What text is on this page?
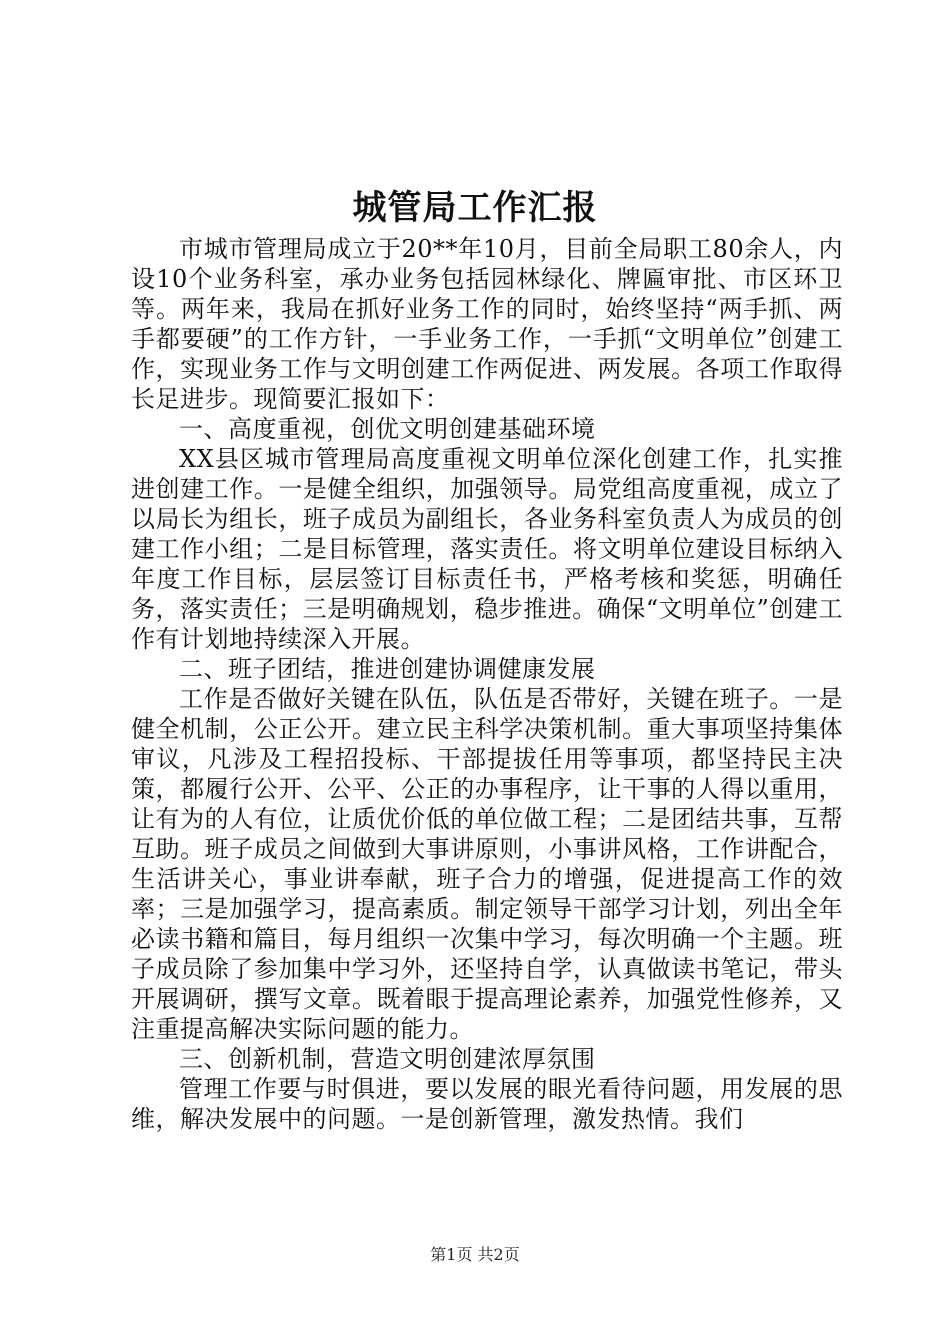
城管局工作汇报

市城市管理局成立于20**年10月，目前全局职工80余人，内设10个业务科室，承办业务包括园林绿化、牌匾审批、市区环卫等。两年来，我局在抓好业务工作的同时，始终坚持“两手抓、两手都要硬”的工作方针，一手业务工作，一手抓“文明单位”创建工作，实现业务工作与文明创建工作两促进、两发展。各项工作取得长足进步。现简要汇报如下：

一、高度重视，创优文明创建基础环境

XX县区城市管理局高度重视文明单位深化创建工作，扎实推进创建工作。一是健全组织，加强领导。局党组高度重视，成立了以局长为组长，班子成员为副组长，各业务科室负责人为成员的创建工作小组；二是目标管理，落实责任。将文明单位建设目标纳入年度工作目标，层层签订目标责任书，严格考核和奖惩，明确任务，落实责任；三是明确规划，稳步推进。确保“文明单位”创建工作有计划地持续深入开展。

二、班子团结，推进创建协调健康发展

工作是否做好关键在队伍，队伍是否带好，关键在班子。一是健全机制，公正公开。建立民主科学决策机制。重大事项坚持集体审议，凡涉及工程招投标、干部提拔任用等事项，都坚持民主决策，都履行公开、公平、公正的办事程序，让干事的人得以重用，让有为的人有位，让质优价低的单位做工程；二是团结共事，互帮互助。班子成员之间做到大事讲原则，小事讲风格，工作讲配合，生活讲关心，事业讲奉献，班子合力的增强，促进提高工作的效率；三是加强学习，提高素质。制定领导干部学习计划，列出全年必读书籍和篇目，每月组织一次集中学习，每次明确一个主题。班子成员除了参加集中学习外，还坚持自学，认真做读书笔记，带头开展调研，撰写文章。既着眼于提高理论素养，加强党性修养，又注重提高解决实际问题的能力。

三、创新机制，营造文明创建浓厚氛围

管理工作要与时俱进，要以发展的眼光看待问题，用发展的思维，解决发展中的问题。一是创新管理，激发热情。我们

第1页 共2页
